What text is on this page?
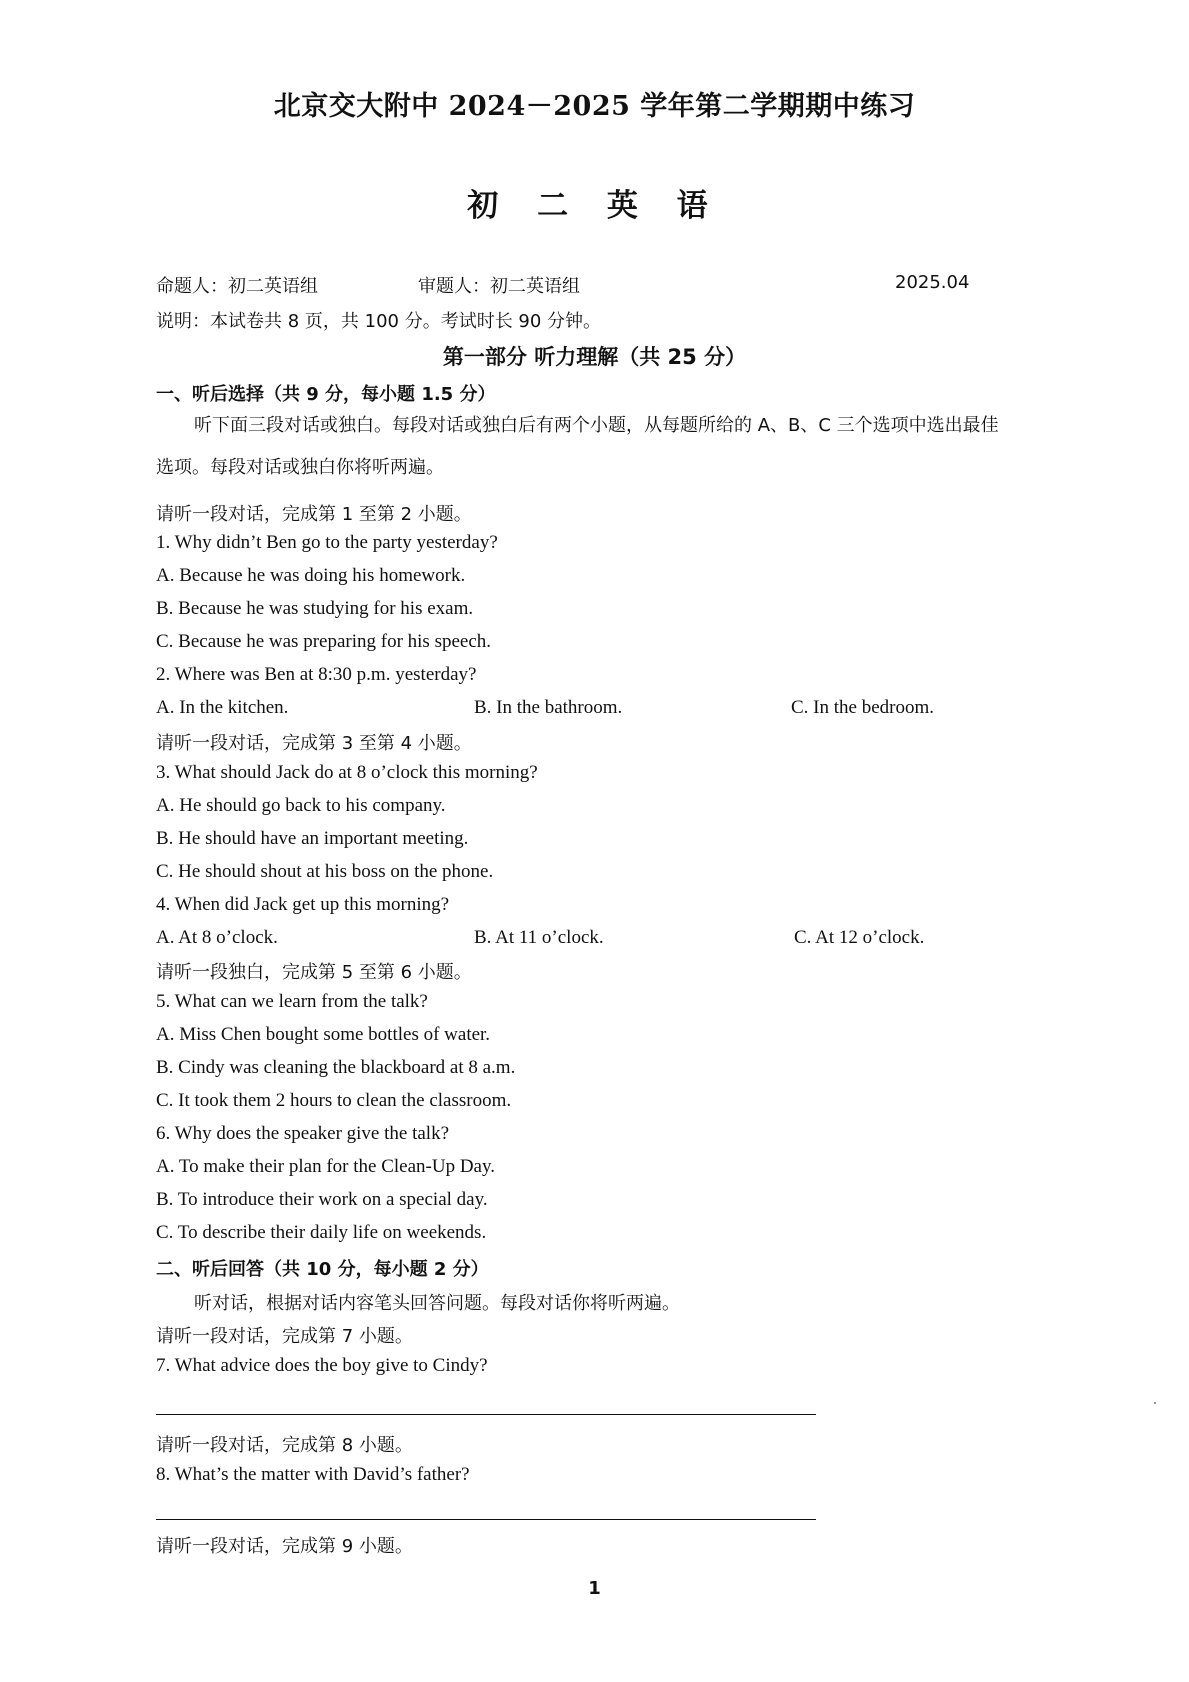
北京交大附中 2024－2025 学年第二学期期中练习
初 二 英 语
命题人：初二英语组	审题人：初二英语组	2025.04
说明：本试卷共 8 页，共 100 分。考试时长 90 分钟。
第一部分 听力理解（共 25 分）
一、听后选择（共 9 分，每小题 1.5 分）
听下面三段对话或独白。每段对话或独白后有两个小题，从每题所给的 A、B、C 三个选项中选出最佳
选项。每段对话或独白你将听两遍。
请听一段对话，完成第 1 至第 2 小题。
1. Why didn’t Ben go to the party yesterday?
A. Because he was doing his homework.
B. Because he was studying for his exam.
C. Because he was preparing for his speech.
2. Where was Ben at 8:30 p.m. yesterday?
A. In the kitchen.	B. In the bathroom.	C. In the bedroom.
请听一段对话，完成第 3 至第 4 小题。
3. What should Jack do at 8 o’clock this morning?
A. He should go back to his company.
B. He should have an important meeting.
C. He should shout at his boss on the phone.
4. When did Jack get up this morning?
A. At 8 o’clock.	B. At 11 o’clock.	C. At 12 o’clock.
请听一段独白，完成第 5 至第 6 小题。
5. What can we learn from the talk?
A. Miss Chen bought some bottles of water.
B. Cindy was cleaning the blackboard at 8 a.m.
C. It took them 2 hours to clean the classroom.
6. Why does the speaker give the talk?
A. To make their plan for the Clean-Up Day.
B. To introduce their work on a special day.
C. To describe their daily life on weekends.
二、听后回答（共 10 分，每小题 2 分）
听对话，根据对话内容笔头回答问题。每段对话你将听两遍。
请听一段对话，完成第 7 小题。
7. What advice does the boy give to Cindy?
请听一段对话，完成第 8 小题。
8. What’s the matter with David’s father?
请听一段对话，完成第 9 小题。
1
